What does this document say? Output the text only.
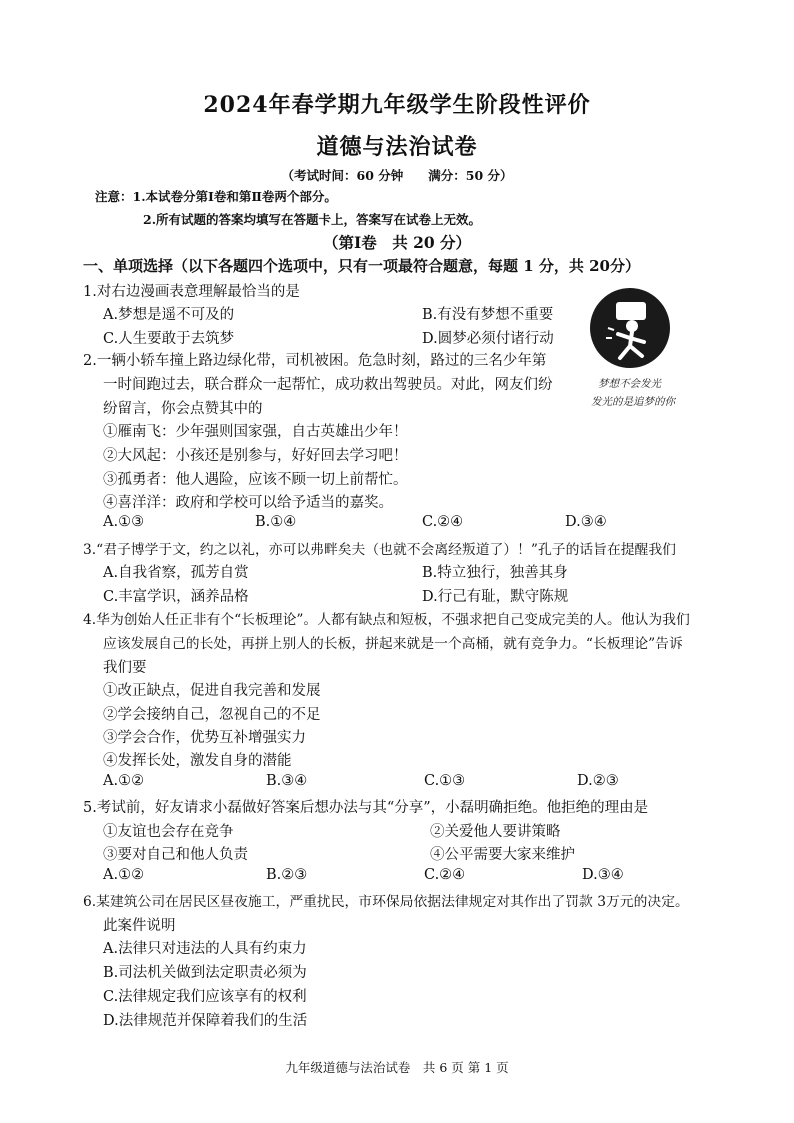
2024年春学期九年级学生阶段性评价
道德与法治试卷
（考试时间：60 分钟　　满分：50 分）
注意：1.本试卷分第Ⅰ卷和第Ⅱ卷两个部分。
2.所有试题的答案均填写在答题卡上，答案写在试卷上无效。
（第Ⅰ卷　共 20 分）
一、单项选择（以下各题四个选项中，只有一项最符合题意，每题 1 分，共 20分）
1.对右边漫画表意理解最恰当的是
A.梦想是遥不可及的	B.有没有梦想不重要
C.人生要敢于去筑梦	D.圆梦必须付诸行动
梦想不会发光
发光的是追梦的你
2.一辆小轿车撞上路边绿化带，司机被困。危急时刻，路过的三名少年第
一时间跑过去，联合群众一起帮忙，成功救出驾驶员。对此，网友们纷
纷留言，你会点赞其中的
①雁南飞：少年强则国家强，自古英雄出少年！
②大风起：小孩还是别参与，好好回去学习吧！
③孤勇者：他人遇险，应该不顾一切上前帮忙。
④喜洋洋：政府和学校可以给予适当的嘉奖。
A.①③	B.①④	C.②④	D.③④
3.“君子博学于文，约之以礼，亦可以弗畔矣夫（也就不会离经叛道了）！”孔子的话旨在提醒我们
A.自我省察，孤芳自赏	B.特立独行，独善其身
C.丰富学识，涵养品格	D.行己有耻，默守陈规
4.华为创始人任正非有个“长板理论”。人都有缺点和短板，不强求把自己变成完美的人。他认为我们
应该发展自己的长处，再拼上别人的长板，拼起来就是一个高桶，就有竞争力。“长板理论”告诉
我们要
①改正缺点，促进自我完善和发展
②学会接纳自己，忽视自己的不足
③学会合作，优势互补增强实力
④发挥长处，激发自身的潜能
A.①②	B.③④	C.①③	D.②③
5.考试前，好友请求小磊做好答案后想办法与其“分享”，小磊明确拒绝。他拒绝的理由是
①友谊也会存在竞争	②关爱他人要讲策略
③要对自己和他人负责	④公平需要大家来维护
A.①②	B.②③	C.②④	D.③④
6.某建筑公司在居民区昼夜施工，严重扰民，市环保局依据法律规定对其作出了罚款 3万元的决定。
此案件说明
A.法律只对违法的人具有约束力
B.司法机关做到法定职责必须为
C.法律规定我们应该享有的权利
D.法律规范并保障着我们的生活
九年级道德与法治试卷　共 6 页 第 1 页
